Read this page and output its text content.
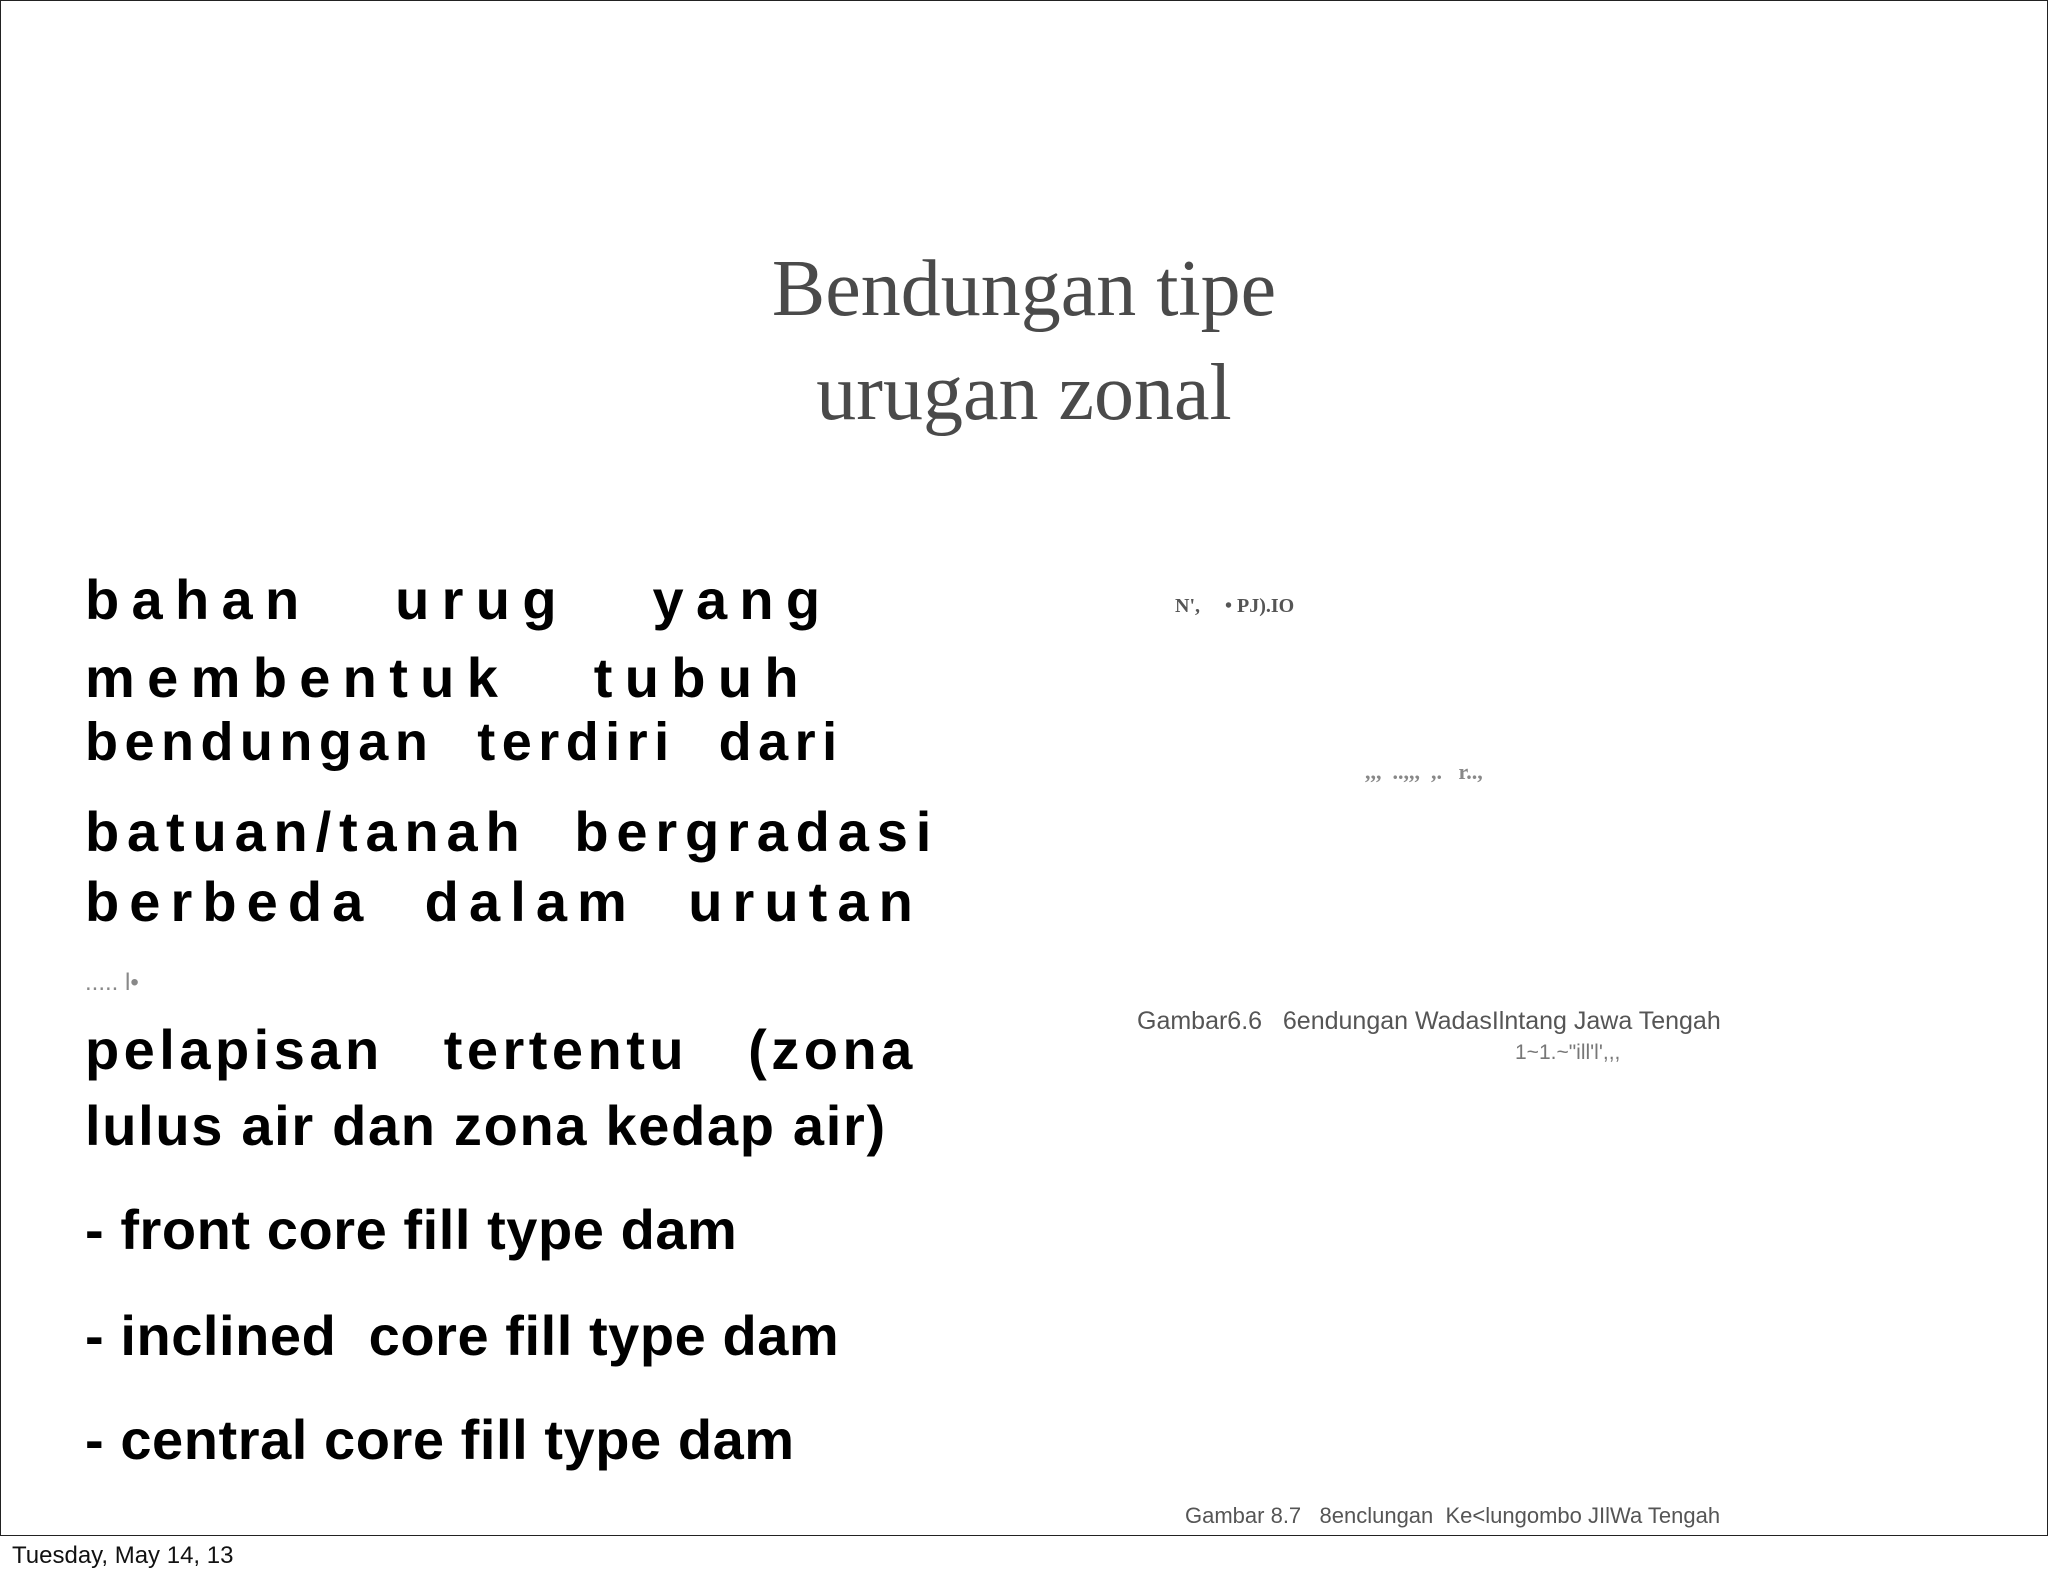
Bendungan tipe
urugan zonal
bahan   urug   yang
membentuk   tubuh
bendungan  terdiri  dari
batuan/tanah  bergradasi
berbeda  dalam  urutan
..... l•
pelapisan   tertentu   (zona
lulus air dan zona kedap air)
- front core fill type dam
- inclined  core fill type dam
- central core fill type dam
N',     • PJ).IO
,,,  ..,,,  ,.   r..,
Gambar6.6   6endungan WadasIlntang Jawa Tengah
1~1.~"ill'l',,,
Gambar 8.7   8enclungan  Ke<lungombo JIlWa Tengah
Tuesday, May 14, 13
